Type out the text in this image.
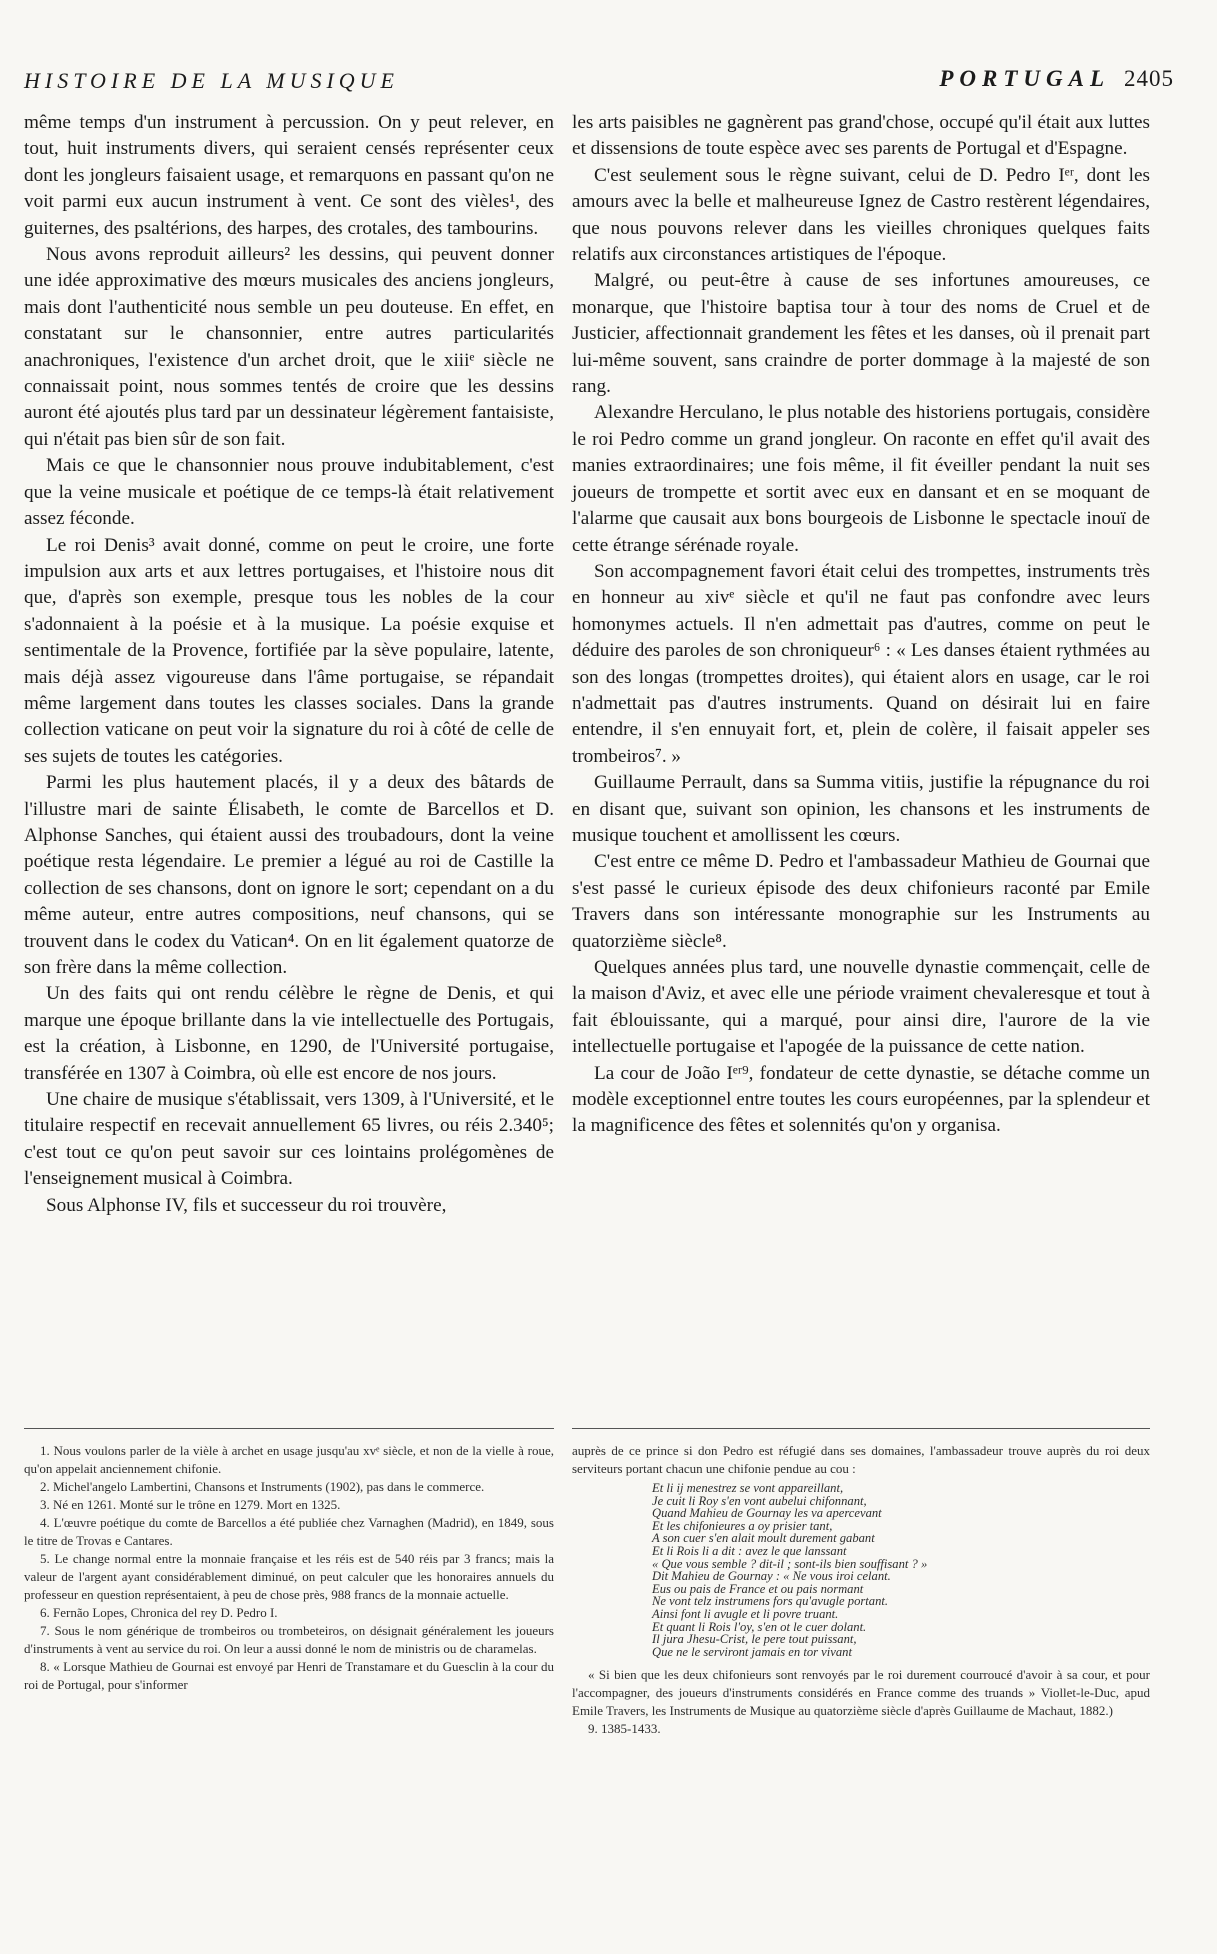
HISTOIRE DE LA MUSIQUE	PORTUGAL 2405

même temps d'un instrument à percussion. On y peut relever, en tout, huit instruments divers, qui seraient censés représenter ceux dont les jongleurs faisaient usage, et remarquons en passant qu'on ne voit parmi eux aucun instrument à vent. Ce sont des vièles¹, des guiternes, des psaltérions, des harpes, des crotales, des tambourins.

Nous avons reproduit ailleurs² les dessins, qui peuvent donner une idée approximative des mœurs musicales des anciens jongleurs, mais dont l'authenticité nous semble un peu douteuse. En effet, en constatant sur le chansonnier, entre autres particularités anachroniques, l'existence d'un archet droit, que le xiiiᵉ siècle ne connaissait point, nous sommes tentés de croire que les dessins auront été ajoutés plus tard par un dessinateur légèrement fantaisiste, qui n'était pas bien sûr de son fait.

Mais ce que le chansonnier nous prouve indubitablement, c'est que la veine musicale et poétique de ce temps-là était relativement assez féconde.

Le roi Denis³ avait donné, comme on peut le croire, une forte impulsion aux arts et aux lettres portugaises, et l'histoire nous dit que, d'après son exemple, presque tous les nobles de la cour s'adonnaient à la poésie et à la musique. La poésie exquise et sentimentale de la Provence, fortifiée par la sève populaire, latente, mais déjà assez vigoureuse dans l'âme portugaise, se répandait même largement dans toutes les classes sociales. Dans la grande collection vaticane on peut voir la signature du roi à côté de celle de ses sujets de toutes les catégories.

Parmi les plus hautement placés, il y a deux des bâtards de l'illustre mari de sainte Élisabeth, le comte de Barcellos et D. Alphonse Sanches, qui étaient aussi des troubadours, dont la veine poétique resta légendaire. Le premier a légué au roi de Castille la collection de ses chansons, dont on ignore le sort; cependant on a du même auteur, entre autres compositions, neuf chansons, qui se trouvent dans le codex du Vatican⁴. On en lit également quatorze de son frère dans la même collection.

Un des faits qui ont rendu célèbre le règne de Denis, et qui marque une époque brillante dans la vie intellectuelle des Portugais, est la création, à Lisbonne, en 1290, de l'Université portugaise, transférée en 1307 à Coimbra, où elle est encore de nos jours.

Une chaire de musique s'établissait, vers 1309, à l'Université, et le titulaire respectif en recevait annuellement 65 livres, ou réis 2.340⁵; c'est tout ce qu'on peut savoir sur ces lointains prolégomènes de l'enseignement musical à Coimbra.

Sous Alphonse IV, fils et successeur du roi trouvère,

les arts paisibles ne gagnèrent pas grand'chose, occupé qu'il était aux luttes et dissensions de toute espèce avec ses parents de Portugal et d'Espagne.

C'est seulement sous le règne suivant, celui de D. Pedro Iᵉʳ, dont les amours avec la belle et malheureuse Ignez de Castro restèrent légendaires, que nous pouvons relever dans les vieilles chroniques quelques faits relatifs aux circonstances artistiques de l'époque.

Malgré, ou peut-être à cause de ses infortunes amoureuses, ce monarque, que l'histoire baptisa tour à tour des noms de Cruel et de Justicier, affectionnait grandement les fêtes et les danses, où il prenait part lui-même souvent, sans craindre de porter dommage à la majesté de son rang.

Alexandre Herculano, le plus notable des historiens portugais, considère le roi Pedro comme un grand jongleur. On raconte en effet qu'il avait des manies extraordinaires; une fois même, il fit éveiller pendant la nuit ses joueurs de trompette et sortit avec eux en dansant et en se moquant de l'alarme que causait aux bons bourgeois de Lisbonne le spectacle inouï de cette étrange sérénade royale.

Son accompagnement favori était celui des trompettes, instruments très en honneur au xivᵉ siècle et qu'il ne faut pas confondre avec leurs homonymes actuels. Il n'en admettait pas d'autres, comme on peut le déduire des paroles de son chroniqueur⁶ : « Les danses étaient rythmées au son des longas (trompettes droites), qui étaient alors en usage, car le roi n'admettait pas d'autres instruments. Quand on désirait lui en faire entendre, il s'en ennuyait fort, et, plein de colère, il faisait appeler ses trombeiros⁷. »

Guillaume Perrault, dans sa Summa vitiis, justifie la répugnance du roi en disant que, suivant son opinion, les chansons et les instruments de musique touchent et amollissent les cœurs.

C'est entre ce même D. Pedro et l'ambassadeur Mathieu de Gournai que s'est passé le curieux épisode des deux chifonieurs raconté par Emile Travers dans son intéressante monographie sur les Instruments au quatorzième siècle⁸.

Quelques années plus tard, une nouvelle dynastie commençait, celle de la maison d'Aviz, et avec elle une période vraiment chevaleresque et tout à fait éblouissante, qui a marqué, pour ainsi dire, l'aurore de la vie intellectuelle portugaise et l'apogée de la puissance de cette nation.

La cour de João Iᵉʳ⁹, fondateur de cette dynastie, se détache comme un modèle exceptionnel entre toutes les cours européennes, par la splendeur et la magnificence des fêtes et solennités qu'on y organisa.

1. Nous voulons parler de la vièle à archet en usage jusqu'au xvᵉ siècle, et non de la vielle à roue, qu'on appelait anciennement chifonie.

2. Michel'angelo Lambertini, Chansons et Instruments (1902), pas dans le commerce.

3. Né en 1261. Monté sur le trône en 1279. Mort en 1325.

4. L'œuvre poétique du comte de Barcellos a été publiée chez Varnaghen (Madrid), en 1849, sous le titre de Trovas e Cantares.

5. Le change normal entre la monnaie française et les réis est de 540 réis par 3 francs; mais la valeur de l'argent ayant considérablement diminué, on peut calculer que les honoraires annuels du professeur en question représentaient, à peu de chose près, 988 francs de la monnaie actuelle.

6. Fernão Lopes, Chronica del rey D. Pedro I.

7. Sous le nom générique de trombeiros ou trombeteiros, on désignait généralement les joueurs d'instruments à vent au service du roi. On leur a aussi donné le nom de ministris ou de charamelas.

8. « Lorsque Mathieu de Gournai est envoyé par Henri de Transtamare et du Guesclin à la cour du roi de Portugal, pour s'informer

auprès de ce prince si don Pedro est réfugié dans ses domaines, l'ambassadeur trouve auprès du roi deux serviteurs portant chacun une chifonie pendue au cou :

Et li ij menestrez se vont appareillant,
Je cuit li Roy s'en vont aubelui chifonnant,
Quand Mahieu de Gournay les va apercevant
Et les chifonieures a oy prisier tant,
A son cuer s'en alait moult durement gabant
Et li Rois li a dit : avez le que lanssant
« Que vous semble ? dit-il ; sont-ils bien souffisant ? »
Dit Mahieu de Gournay : « Ne vous iroi celant.
Eus ou pais de France et ou pais normant
Ne vont telz instrumens fors qu'avugle portant.
Ainsi font li avugle et li povre truant.
Et quant li Rois l'oy, s'en ot le cuer dolant.
Il jura Jhesu-Crist, le pere tout puissant,
Que ne le serviront jamais en tor vivant

« Si bien que les deux chifonieurs sont renvoyés par le roi durement courroucé d'avoir à sa cour, et pour l'accompagner, des joueurs d'instruments considérés en France comme des truands » Viollet-le-Duc, apud Emile Travers, les Instruments de Musique au quatorzième siècle d'après Guillaume de Machaut, 1882.)

9. 1385-1433.
